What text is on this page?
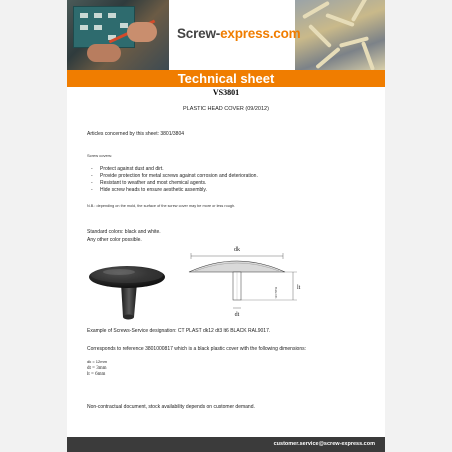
Screw-express.com
Technical sheet
VS3801
PLASTIC HEAD COVER (09/2012)
Articles concerned by this sheet: 3801/3804
Screw covers:
- Protect against dust and dirt.
- Provide protection for metal screws against corrosion and deterioration.
- Resistant to weather and most chemical agents.
- Hide screw heads to ensure aesthetic assembly.
N.B.: depending on the mold, the surface of the screw cover may be more or less rough.
Standard colors: black and white.
Any other color possible.
dk
dt
lt
Bulle lifn
Example of Screws-Service designation: CT PLAST dk12 dt3 lt6 BLACK RAL9017.
Corresponds to reference 3801000817 which is a black plastic cover with the following dimensions:
dk = 12mm
dt = 3mm
lt = 6mm
Non-contractual document, stock availability depends on customer demand.
customer.service@screw-express.com
